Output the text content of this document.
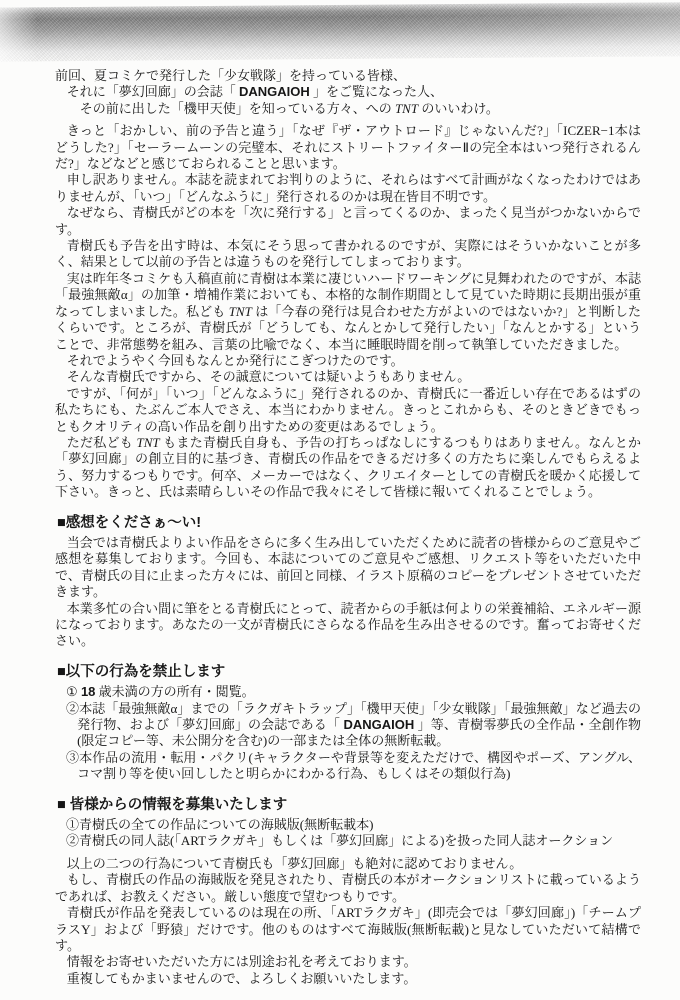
前回、夏コミケで発行した「少女戦隊」を持っている皆様、

それに「夢幻回廊」の会誌「 DANGAIOH 」をご覧になった人、

その前に出した「機甲天使」を知っている方々、への TNT のいいわけ。

きっと「おかしい、前の予告と違う」「なぜ『ザ・アウトロード』じゃないんだ?」「ICZER−1本はどうした?」「セーラームーンの完璧本、それにストリートファイターⅡの完全本はいつ発行されるんだ?」などなどと感じておられることと思います。

申し訳ありません。本誌を読まれてお判りのように、それらはすべて計画がなくなったわけではありませんが、「いつ」「どんなふうに」発行されるのかは現在皆目不明です。

なぜなら、青樹氏がどの本を「次に発行する」と言ってくるのか、まったく見当がつかないからです。

青樹氏も予告を出す時は、本気にそう思って書かれるのですが、実際にはそういかないことが多く、結果として以前の予告とは違うものを発行してしまっております。

実は昨年冬コミケも入稿直前に青樹は本業に凄じいハードワーキングに見舞われたのですが、本誌「最強無敵α」の加筆・増補作業においても、本格的な制作期間として見ていた時期に長期出張が重なってしまいました。私ども TNT は「今春の発行は見合わせた方がよいのではないか?」と判断したくらいです。ところが、青樹氏が「どうしても、なんとかして発行したい」「なんとかする」ということで、非常態勢を組み、言葉の比喩でなく、本当に睡眠時間を削って執筆していただきました。

それでようやく今回もなんとか発行にこぎつけたのです。

そんな青樹氏ですから、その誠意については疑いようもありません。

ですが、「何が」「いつ」「どんなふうに」発行されるのか、青樹氏に一番近しい存在であるはずの私たちにも、たぶんご本人でさえ、本当にわかりません。きっとこれからも、そのときどきでもっともクオリティの高い作品を創り出すための変更はあるでしょう。

ただ私ども TNT もまた青樹氏自身も、予告の打ちっぱなしにするつもりはありません。なんとか「夢幻回廊」の創立目的に基づき、青樹氏の作品をできるだけ多くの方たちに楽しんでもらえるよう、努力するつもりです。何卒、メーカーではなく、クリエイターとしての青樹氏を暖かく応援して下さい。きっと、氏は素晴らしいその作品で我々にそして皆様に報いてくれることでしょう。

■感想をくださぁ〜い!

当会では青樹氏よりよい作品をさらに多く生み出していただくために読者の皆様からのご意見やご感想を募集しております。今回も、本誌についてのご意見やご感想、リクエスト等をいただいた中で、青樹氏の目に止まった方々には、前回と同様、イラスト原稿のコピーをプレゼントさせていただきます。

本業多忙の合い間に筆をとる青樹氏にとって、読者からの手紙は何よりの栄養補給、エネルギー源になっております。あなたの一文が青樹氏にさらなる作品を生み出させるのです。奮ってお寄せください。

■以下の行為を禁止します

① 18 歳未満の方の所有・閲覧。

②本誌「最強無敵α」までの「ラクガキトラップ」「機甲天使」「少女戦隊」「最強無敵」など過去の発行物、および「夢幻回廊」の会誌である「 DANGAIOH 」等、青樹零夢氏の全作品・全創作物(限定コピー等、未公開分を含む)の一部または全体の無断転載。

③本作品の流用・転用・パクリ(キャラクターや背景等を変えただけで、構図やポーズ、アングル、コマ割り等を使い回ししたと明らかにわかる行為、もしくはその類似行為)

■ 皆様からの情報を募集いたします

①青樹氏の全ての作品についての海賊版(無断転載本)

②青樹氏の同人誌(「ARTラクガキ」もしくは「夢幻回廊」による)を扱った同人誌オークション

以上の二つの行為について青樹氏も「夢幻回廊」も絶対に認めておりません。

もし、青樹氏の作品の海賊版を発見されたり、青樹氏の本がオークションリストに載っているようであれば、お教えください。厳しい態度で望むつもりです。

青樹氏が作品を発表しているのは現在の所、「ARTラクガキ」(即売会では「夢幻回廊」)「チームプラスY」および「野猿」だけです。他のものはすべて海賊版(無断転載)と見なしていただいて結構です。

情報をお寄せいただいた方には別途お礼を考えております。

重複してもかまいませんので、よろしくお願いいたします。
